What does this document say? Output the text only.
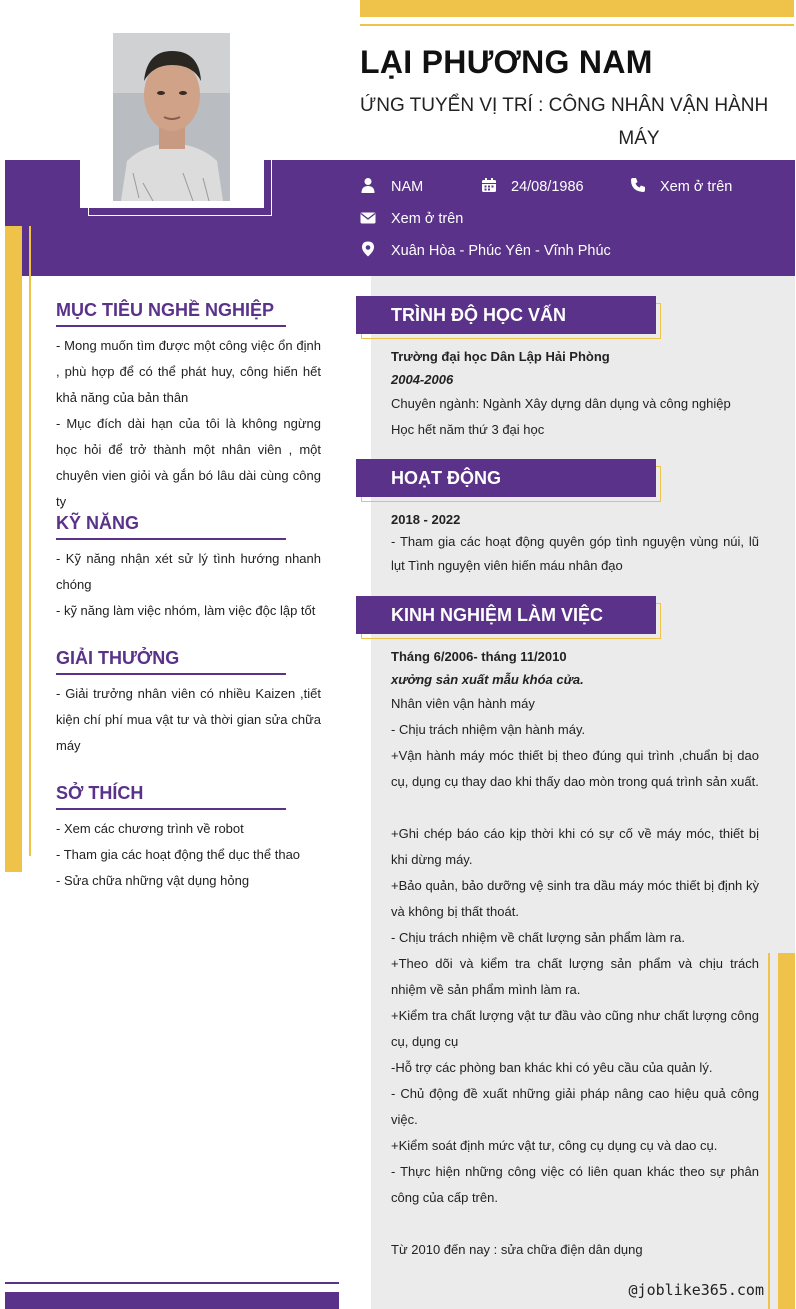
LẠI PHƯƠNG NAM
ỨNG TUYỂN VỊ TRÍ : CÔNG NHÂN VẬN HÀNH
MÁY
NAM	24/08/1986	Xem ở trên
Xem ở trên
Xuân Hòa - Phúc Yên - Vĩnh Phúc
MỤC TIÊU NGHỀ NGHIỆP
- Mong muốn tìm được một công việc ổn định , phù hợp để có thể phát huy, công hiến hết khả năng của bản thân
- Mục đích dài hạn của tôi là không ngừng học hỏi để trở thành một nhân viên , một chuyên vien giỏi và gắn bó lâu dài cùng công ty
KỸ NĂNG
- Kỹ năng nhận xét sử lý tình hướng nhanh chóng
- kỹ năng làm việc nhóm, làm việc độc lập tốt
GIẢI THƯỞNG
- Giải trưởng nhân viên có nhiều Kaizen ,tiết kiện chí phí mua vật tư và thời gian sửa chữa máy
SỞ THÍCH
- Xem các chương trình về robot
- Tham gia các hoạt động thể dục thể thao
- Sửa chữa những vật dụng hỏng
TRÌNH ĐỘ HỌC VẤN
Trường đại học Dân Lập Hải Phòng
2004-2006
Chuyên ngành: Ngành Xây dựng dân dụng và công nghiệp
Học hết năm thứ 3 đại học
HOẠT ĐỘNG
2018 - 2022
- Tham gia các hoạt động quyên góp tình nguyện vùng núi, lũ lụt Tình nguyện viên hiến máu nhân đạo
KINH NGHIỆM LÀM VIỆC
Tháng 6/2006- tháng 11/2010
xưởng sản xuất mẫu khóa cửa.
Nhân viên vận hành máy
- Chịu trách nhiệm vận hành máy.
+Vận hành máy móc thiết bị theo đúng qui trình ,chuẩn bị dao cụ, dụng cụ thay dao khi thấy dao mòn trong quá trình sản xuất.
+Ghi chép báo cáo kịp thời khi có sự cố về máy móc, thiết bị khi dừng máy.
+Bảo quản, bảo dưỡng vệ sinh tra dầu máy móc thiết bị định kỳ và không bị thất thoát.
- Chịu trách nhiệm về chất lượng sản phẩm làm ra.
+Theo dõi và kiểm tra chất lượng sản phẩm và chịu trách nhiệm về sản phẩm mình làm ra.
+Kiểm tra chất lượng vật tư đầu vào cũng như chất lượng công cụ, dụng cụ
-Hỗ trợ các phòng ban khác khi có yêu cầu của quản lý.
- Chủ động đề xuất những giải pháp nâng cao hiệu quả công việc.
+Kiểm soát định mức vật tư, công cụ dụng cụ và dao cụ.
- Thực hiện những công việc có liên quan khác theo sự phân công của cấp trên.
Từ 2010 đến nay : sửa chữa điện dân dụng
@joblike365.com
